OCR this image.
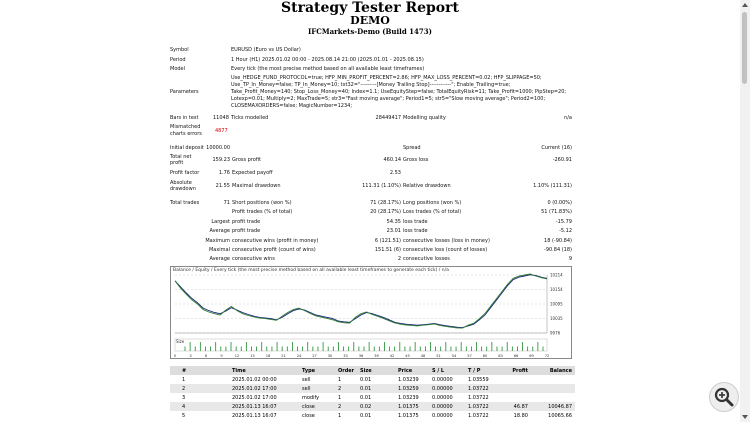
Strategy Tester Report
DEMO
IFCMarkets-Demo (Build 1473)
Symbol	EURUSD (Euro vs US Dollar)
Period	1 Hour (H1) 2025.01.02 00:00 - 2025.08.14 21:00 (2025.01.01 - 2025.08.15)
Model	Every tick (the most precise method based on all available least timeframes)
Parameters
Use_HEDGE_FUND_PROTOCOL=true; HFP_MIN_PROFIT_PERCENT=2.86; HFP_MAX_LOSS_PERCENT=0.02; HFP_SLIPPAGE=50;
Use_TP_In_Money=false; TP_In_Money=10; txt32="---------[Money Trailing Stop]------------"; Enable_Trailing=true;
Take_Profit_Money=140; Stop_Loss_Money=40; Index=1.1; UseEquityStep=false; TotalEquityRisk=11; Take_Profit=1000; PipStep=20;
Lotexp=0.01; Multiply=2; MaxTrade=5; str3="Fast moving average"; Period1=5; str5="Slow moving average"; Period2=100;
CLOSEMAXORDERS=false; MagicNumber=1234;
Bars in test	11048 Ticks modelled	28449417 Modelling quality	n/a
Mismatched
charts errors	4877
Initial deposit 10000.00	Spread	Current (16)
Total net
profit	159.23 Gross profit	460.14 Gross loss	-260.91
Profit factor	1.76 Expected payoff	2.53
Absolute
drawdown	21.55 Maximal drawdown	111.31 (1.10%) Relative drawdown	1.10% (111.31)
Total trades	71 Short positions (won %)	71 (28.17%) Long positions (won %)	0 (0.00%)
Profit trades (% of total)	20 (28.17%) Loss trades (% of total)	51 (71.83%)
Largest profit trade	54.35 loss trade	-15.79
Average profit trade	23.01 loss trade	-5.12
Maximum consecutive wins (profit in money)	6 (121.51) consecutive losses (loss in money)	18 (-90.84)
Maximal consecutive profit (count of wins)	151.51 (6) consecutive loss (count of losses)	-90.84 (18)
Average consecutive wins	2 consecutive losses	9
Balance / Equity / Every tick (the most precise method based on all available least timeframes to generate each tick) / n/a
10214
10154
10095
10035
9976
Size
0	3	6	9	12	15	18	21	24	27	30	33	36	39	42	45	48	51	54	57	60	63	66	69	72
#	Time	Type	Order Size	Price	S / L	T / P	Profit	Balance
1	2025.01.02 00:00	sell	1	0.01	1.03239	0.00000	1.03559
2	2025.01.02 17:00	sell	2	0.01	1.03259	0.00000	1.03722
3	2025.01.02 17:00	modify	1	0.01	1.03239	0.00000	1.03722
4	2025.01.13 16:07	close	2	0.02	1.01375	0.00000	1.03722	46.87	10046.87
5	2025.01.13 16:07	close	1	0.01	1.01375	0.00000	1.03722	18.80	10065.66
